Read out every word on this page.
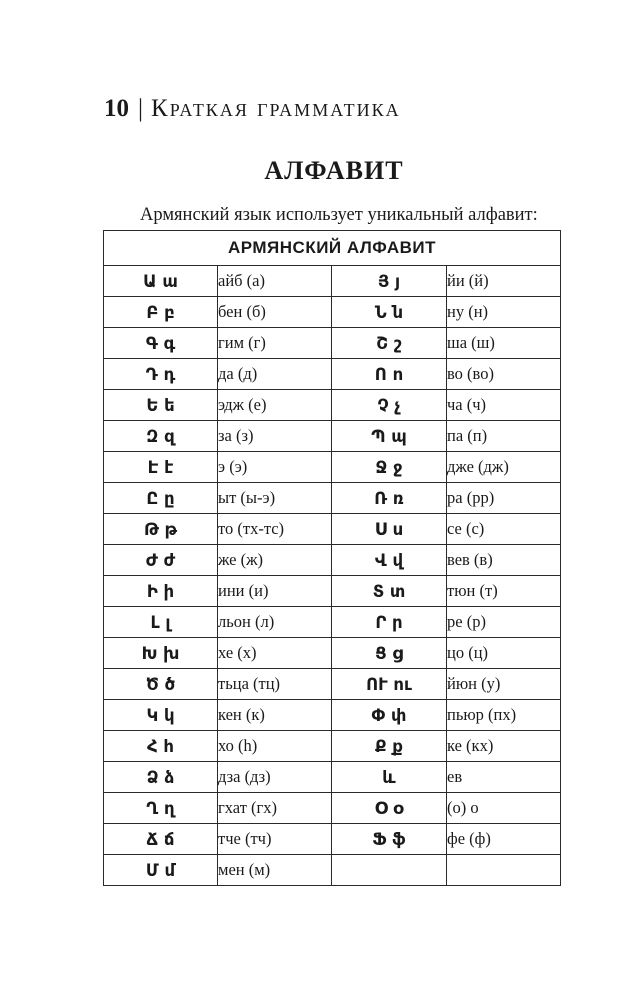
10 | Краткая грамматика
АЛФАВИТ

Армянский язык использует уникальный алфавит:

АРМЯНСКИЙ АЛФАВИТ			
Ա ա	айб (а)	Յ յ	йи (й)
Բ բ	бен (б)	Ն ն	ну (н)
Գ գ	гим (г)	Շ շ	ша (ш)
Դ դ	да (д)	Ո ո	во (во)
Ե ե	эдж (е)	Չ չ	ча (ч)
Զ զ	за (з)	Պ պ	па (п)
Է է	э (э)	Ջ ջ	дже (дж)
Ը ը	ыт (ы-э)	Ռ ռ	ра (рр)
Թ թ	то (тх-тс)	Ս ս	се (с)
Ժ ժ	же (ж)	Վ վ	вев (в)
Ի ի	ини (и)	Տ տ	тюн (т)
Լ լ	льон (л)	Ր ր	ре (р)
Խ խ	хе (х)	Ց ց	цо (ц)
Ծ ծ	тьца (тц)	ՈՒ ու	йюн (у)
Կ կ	кен (к)	Փ փ	пьюр (пх)
Հ հ	хо (h)	Ք ք	ке (кх)
Ձ ձ	дза (дз)	և	ев
Ղ ղ	гхат (гх)	Օ օ	(о) о
Ճ ճ	тче (тч)	Ֆ ֆ	фе (ф)
Մ մ	мен (м)		
